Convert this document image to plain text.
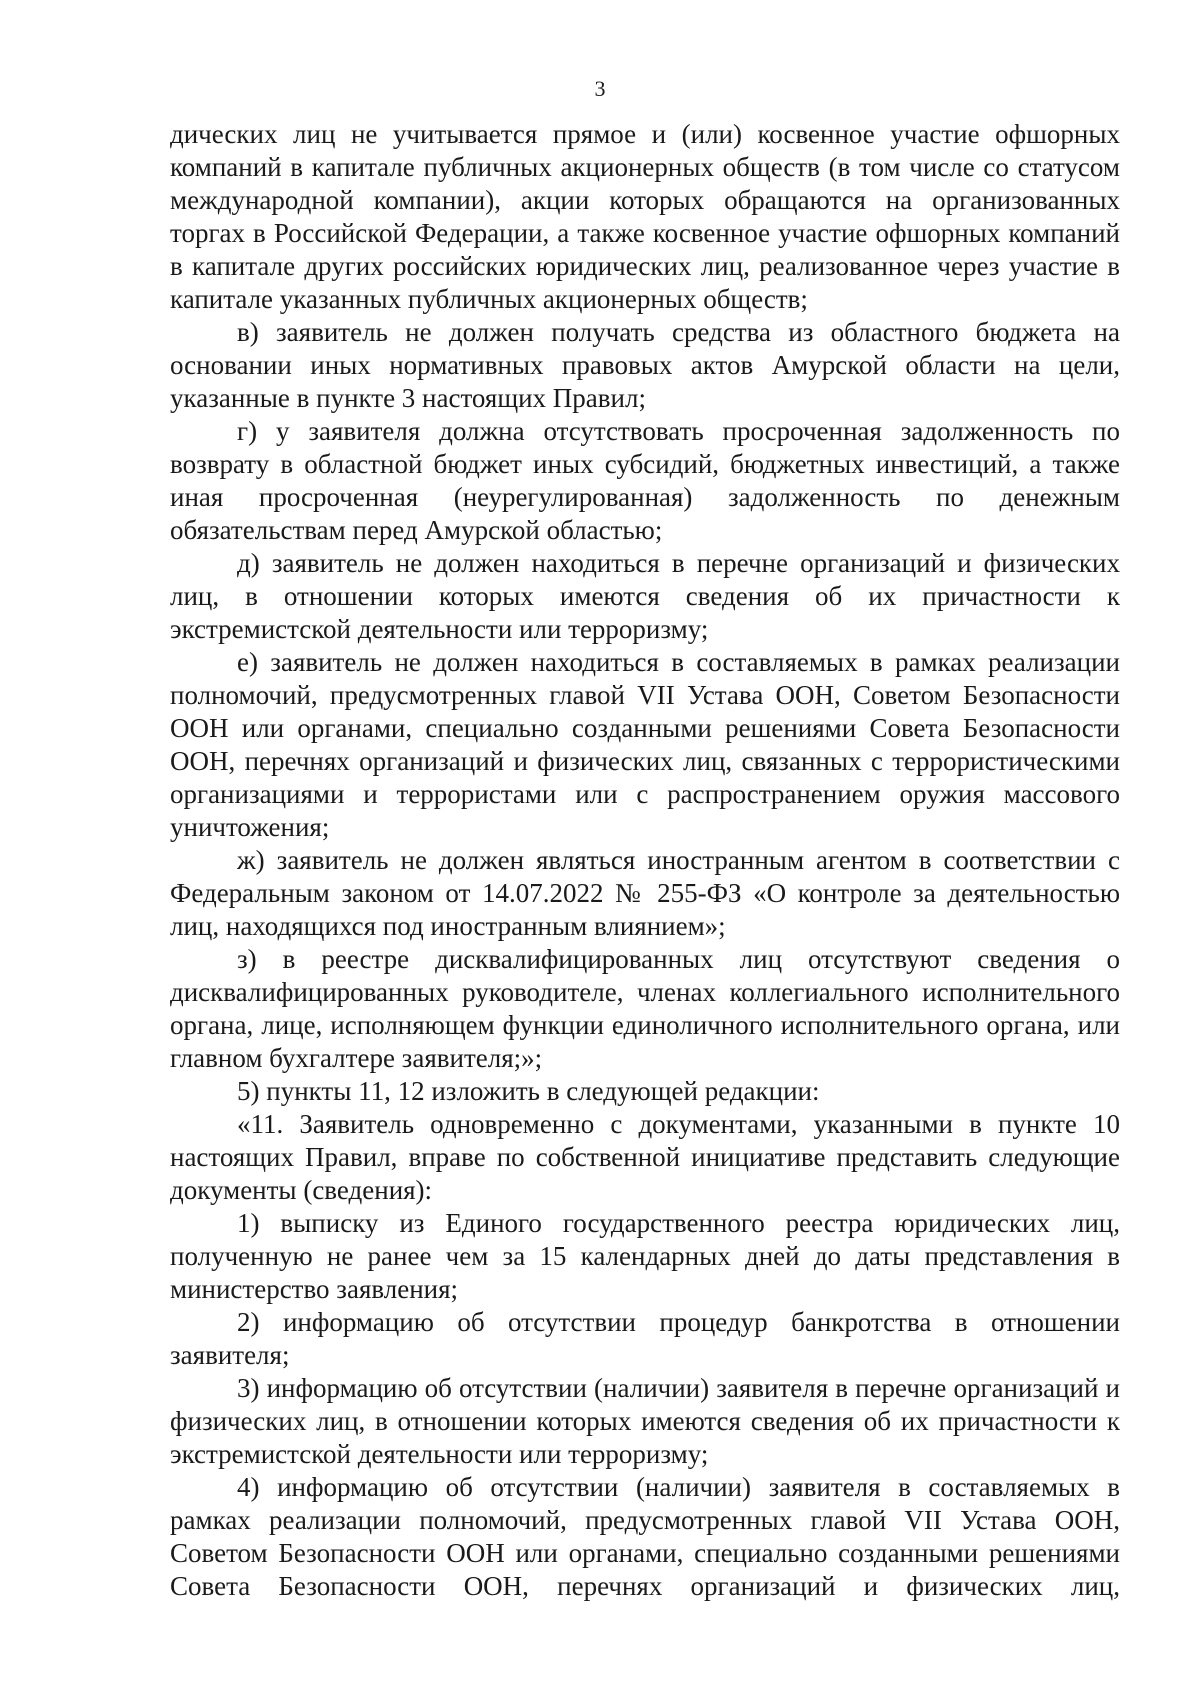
3

дических лиц не учитывается прямое и (или) косвенное участие офшорных компаний в капитале публичных акционерных обществ (в том числе со статусом международной компании), акции которых обращаются на организованных торгах в Российской Федерации, а также косвенное участие офшорных компаний в капитале других российских юридических лиц, реализованное через участие в капитале указанных публичных акционерных обществ;

в) заявитель не должен получать средства из областного бюджета на основании иных нормативных правовых актов Амурской области на цели, указанные в пункте 3 настоящих Правил;

г) у заявителя должна отсутствовать просроченная задолженность по возврату в областной бюджет иных субсидий, бюджетных инвестиций, а также иная просроченная (неурегулированная) задолженность по денежным обязательствам перед Амурской областью;

д) заявитель не должен находиться в перечне организаций и физических лиц, в отношении которых имеются сведения об их причастности к экстремистской деятельности или терроризму;

е) заявитель не должен находиться в составляемых в рамках реализации полномочий, предусмотренных главой VII Устава ООН, Советом Безопасности ООН или органами, специально созданными решениями Совета Безопасности ООН, перечнях организаций и физических лиц, связанных с террористическими организациями и террористами или с распространением оружия массового уничтожения;

ж) заявитель не должен являться иностранным агентом в соответствии с Федеральным законом от 14.07.2022 № 255-ФЗ «О контроле за деятельностью лиц, находящихся под иностранным влиянием»;

з) в реестре дисквалифицированных лиц отсутствуют сведения о дисквалифицированных руководителе, членах коллегиального исполнительного органа, лице, исполняющем функции единоличного исполнительного органа, или главном бухгалтере заявителя;»;

5) пункты 11, 12 изложить в следующей редакции:

«11. Заявитель одновременно с документами, указанными в пункте 10 настоящих Правил, вправе по собственной инициативе представить следующие документы (сведения):

1) выписку из Единого государственного реестра юридических лиц, полученную не ранее чем за 15 календарных дней до даты представления в министерство заявления;

2) информацию об отсутствии процедур банкротства в отношении заявителя;

3) информацию об отсутствии (наличии) заявителя в перечне организаций и физических лиц, в отношении которых имеются сведения об их причастности к экстремистской деятельности или терроризму;

4) информацию об отсутствии (наличии) заявителя в составляемых в рамках реализации полномочий, предусмотренных главой VII Устава ООН, Советом Безопасности ООН или органами, специально созданными решениями Совета Безопасности ООН, перечнях организаций и физических лиц,
